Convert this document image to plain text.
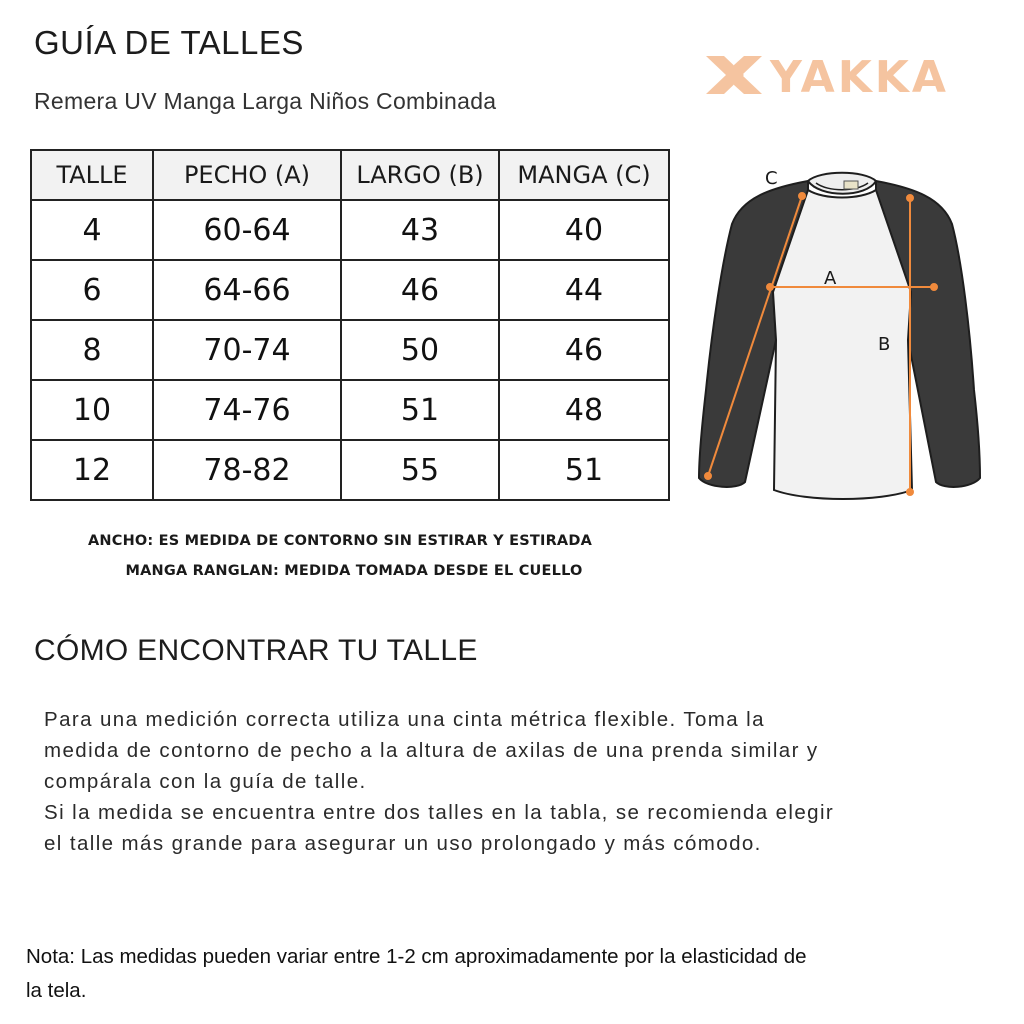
GUÍA DE TALLES
Remera UV Manga Larga Niños Combinada	YAKKA
TALLE	PECHO (A)	LARGO (B)	MANGA (C)
4	60-64	43	40
6	64-66	46	44
8	70-74	50	46
10	74-76	51	48
12	78-82	55	51
A
B
C
ANCHO: ES MEDIDA DE CONTORNO SIN ESTIRAR Y ESTIRADA
MANGA RANGLAN: MEDIDA TOMADA DESDE EL CUELLO
CÓMO ENCONTRAR TU TALLE

Para una medición correcta utiliza una cinta métrica flexible. Toma la

medida de contorno de pecho a la altura de axilas de una prenda similar y

compárala con la guía de talle.

Si la medida se encuentra entre dos talles en la tabla, se recomienda elegir

el talle más grande para asegurar un uso prolongado y más cómodo.

Nota: Las medidas pueden variar entre 1-2 cm aproximadamente por la elasticidad de
la tela.
